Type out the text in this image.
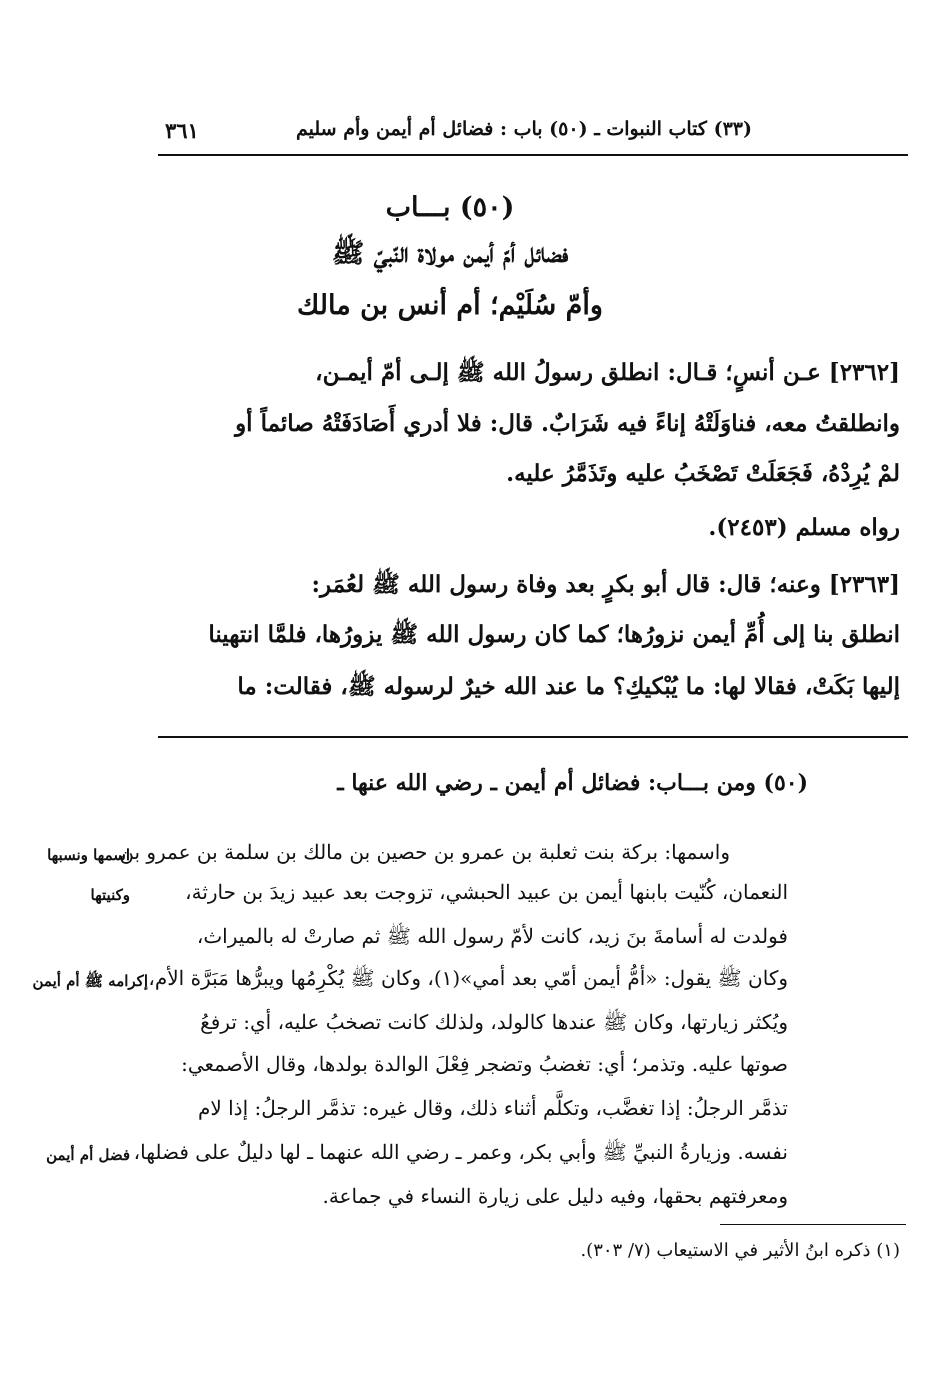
(٣٣) كتاب النبوات ـ (٥٠) باب : فضائل أم أيمن وأم سليم
٣٦١
(٥٠) بـــاب
فضائل أمّ أيمن مولاة النّبيّ ﷺ
وأمّ سُلَيْم؛ أم أنس بن مالك
[٢٣٦٢] عـن أنسٍ؛ قـال: انطلق رسولُ الله ﷺ إلـى أمّ أيمـن،
وانطلقتُ معه، فناوَلَتْهُ إناءً فيه شَرَابٌ. قال: فلا أدري أَصَادَفَتْهُ صائماً أو
لمْ يُرِدْهُ، فَجَعَلَتْ تَصْخَبُ عليه وتَذَمَّرُ عليه.
رواه مسلم (٢٤٥٣).
[٢٣٦٣] وعنه؛ قال: قال أبو بكرٍ بعد وفاة رسول الله ﷺ لعُمَر:
انطلق بنا إلى أُمِّ أيمن نزورُها؛ كما كان رسول الله ﷺ يزورُها، فلمَّا انتهينا
إليها بَكَتْ، فقالا لها: ما يُبْكيكِ؟ ما عند الله خيرٌ لرسوله ﷺ، فقالت: ما
(٥٠) ومن بـــاب: فضائل أم أيمن ـ رضي الله عنها ـ
واسمها: بركة بنت ثعلبة بن عمرو بن حصين بن مالك بن سلمة بن عمرو بن
النعمان، كُنّيت بابنها أيمن بن عبيد الحبشي، تزوجت بعد عبيد زيدَ بن حارثة،
فولدت له أسامةَ بنَ زيد، كانت لأمّ رسول الله ﷺ ثم صارتْ له بالميراث،
وكان ﷺ يقول: «أمُّ أيمن أمّي بعد أمي»(١)، وكان ﷺ يُكْرِمُها ويبرُّها مَبَرَّة الأم،
ويُكثر زيارتها، وكان ﷺ عندها كالولد، ولذلك كانت تصخبُ عليه، أي: ترفعُ
صوتها عليه. وتذمر؛ أي: تغضبُ وتضجر فِعْلَ الوالدة بولدها، وقال الأصمعي:
تذمَّر الرجلُ: إذا تغضَّب، وتكلَّم أثناء ذلك، وقال غيره: تذمَّر الرجلُ: إذا لام
نفسه. وزيارةُ النبيِّ ﷺ وأبي بكر، وعمر ـ رضي الله عنهما ـ لها دليلٌ على فضلها،
ومعرفتهم بحقها، وفيه دليل على زيارة النساء في جماعة.
اسمها ونسبها
وكنيتها
إكرامه ﷺ أم أيمن
فضل أم أيمن
(١) ذكره ابنُ الأثير في الاستيعاب (٧/ ٣٠٣).
